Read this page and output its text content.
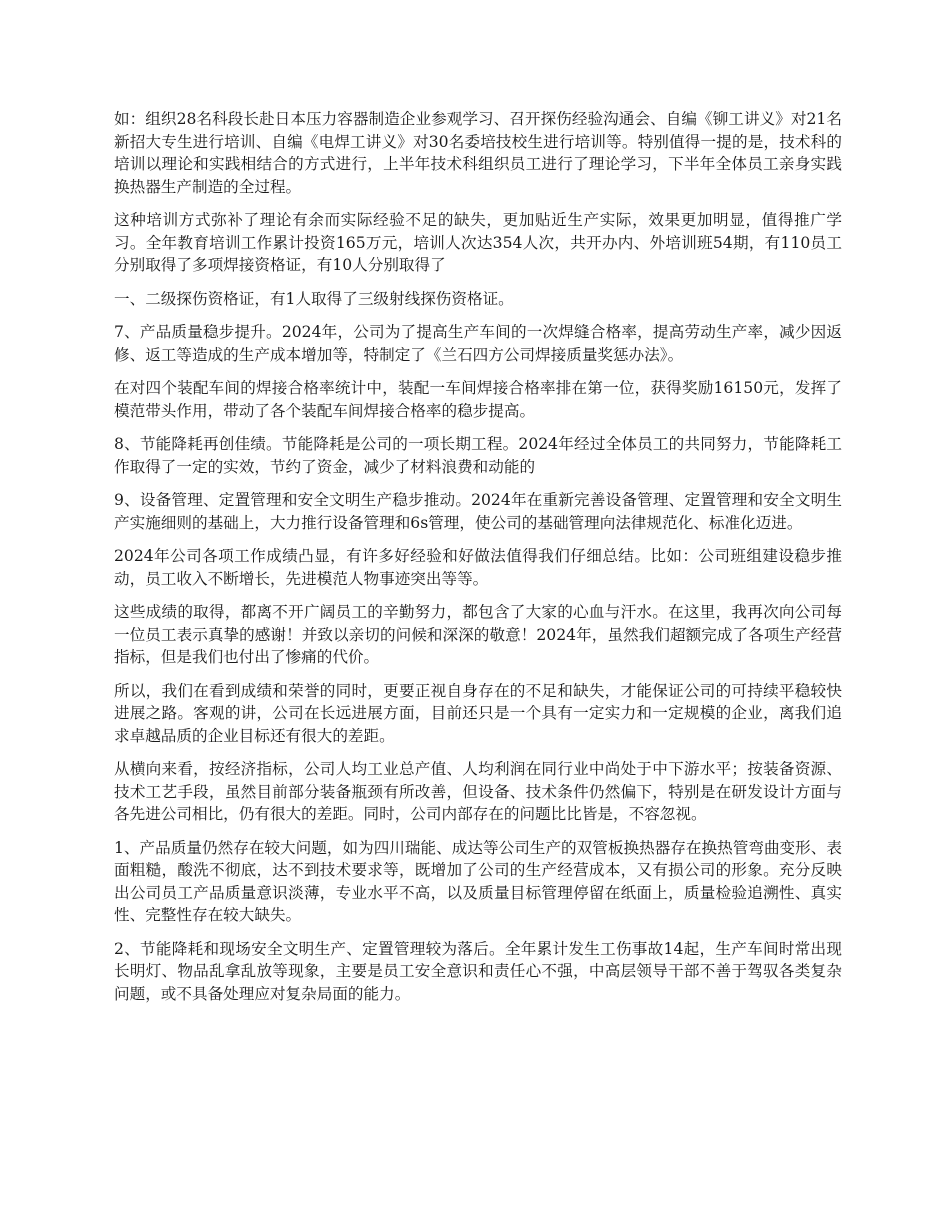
如：组织28名科段长赴日本压力容器制造企业参观学习、召开探伤经验沟通会、自编《铆工讲义》对21名新招大专生进行培训、自编《电焊工讲义》对30名委培技校生进行培训等。特别值得一提的是，技术科的培训以理论和实践相结合的方式进行，上半年技术科组织员工进行了理论学习，下半年全体员工亲身实践换热器生产制造的全过程。

这种培训方式弥补了理论有余而实际经验不足的缺失，更加贴近生产实际，效果更加明显，值得推广学习。全年教育培训工作累计投资165万元，培训人次达354人次，共开办内、外培训班54期，有110员工分别取得了多项焊接资格证，有10人分别取得了

一、二级探伤资格证，有1人取得了三级射线探伤资格证。

7、产品质量稳步提升。2024年，公司为了提高生产车间的一次焊缝合格率，提高劳动生产率，减少因返修、返工等造成的生产成本增加等，特制定了《兰石四方公司焊接质量奖惩办法》。

在对四个装配车间的焊接合格率统计中，装配一车间焊接合格率排在第一位，获得奖励16150元，发挥了模范带头作用，带动了各个装配车间焊接合格率的稳步提高。

8、节能降耗再创佳绩。节能降耗是公司的一项长期工程。2024年经过全体员工的共同努力，节能降耗工作取得了一定的实效，节约了资金，减少了材料浪费和动能的

9、设备管理、定置管理和安全文明生产稳步推动。2024年在重新完善设备管理、定置管理和安全文明生产实施细则的基础上，大力推行设备管理和6s管理，使公司的基础管理向法律规范化、标准化迈进。

2024年公司各项工作成绩凸显，有许多好经验和好做法值得我们仔细总结。比如：公司班组建设稳步推动，员工收入不断增长，先进模范人物事迹突出等等。

这些成绩的取得，都离不开广阔员工的辛勤努力，都包含了大家的心血与汗水。在这里，我再次向公司每一位员工表示真挚的感谢！并致以亲切的问候和深深的敬意！2024年，虽然我们超额完成了各项生产经营指标，但是我们也付出了惨痛的代价。

所以，我们在看到成绩和荣誉的同时，更要正视自身存在的不足和缺失，才能保证公司的可持续平稳较快进展之路。客观的讲，公司在长远进展方面，目前还只是一个具有一定实力和一定规模的企业，离我们追求卓越品质的企业目标还有很大的差距。

从横向来看，按经济指标，公司人均工业总产值、人均利润在同行业中尚处于中下游水平；按装备资源、技术工艺手段，虽然目前部分装备瓶颈有所改善，但设备、技术条件仍然偏下，特别是在研发设计方面与各先进公司相比，仍有很大的差距。同时，公司内部存在的问题比比皆是，不容忽视。

1、产品质量仍然存在较大问题，如为四川瑞能、成达等公司生产的双管板换热器存在换热管弯曲变形、表面粗糙，酸洗不彻底，达不到技术要求等，既增加了公司的生产经营成本，又有损公司的形象。充分反映出公司员工产品质量意识淡薄，专业水平不高，以及质量目标管理停留在纸面上，质量检验追溯性、真实性、完整性存在较大缺失。

2、节能降耗和现场安全文明生产、定置管理较为落后。全年累计发生工伤事故14起，生产车间时常出现长明灯、物品乱拿乱放等现象，主要是员工安全意识和责任心不强，中高层领导干部不善于驾驭各类复杂问题，或不具备处理应对复杂局面的能力。
